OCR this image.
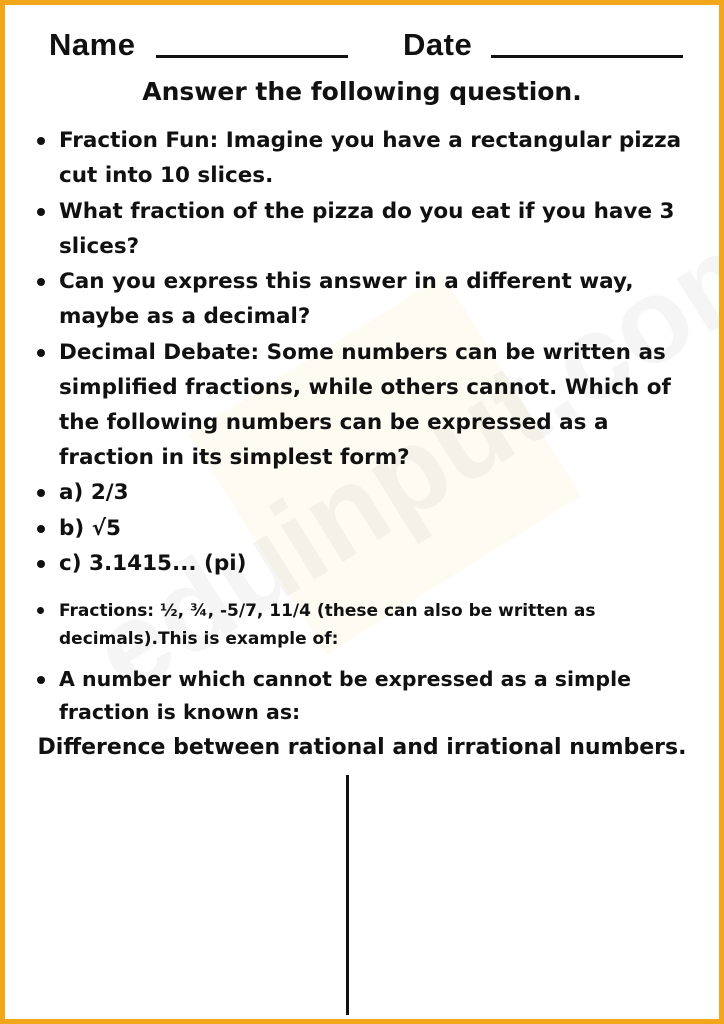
Name	Date
Answer the following question.
Fraction Fun: Imagine you have a rectangular pizza cut into 10 slices.
What fraction of the pizza do you eat if you have 3 slices?
Can you express this answer in a different way, maybe as a decimal?
Decimal Debate: Some numbers can be written as simplified fractions, while others cannot. Which of the following numbers can be expressed as a fraction in its simplest form?
a) 2/3
b) √5
c) 3.1415... (pi)
Fractions: ½, ¾, -5/7, 11/4 (these can also be written as decimals).This is example of:
A number which cannot be expressed as a simple fraction is known as:
Difference between rational and irrational numbers.
